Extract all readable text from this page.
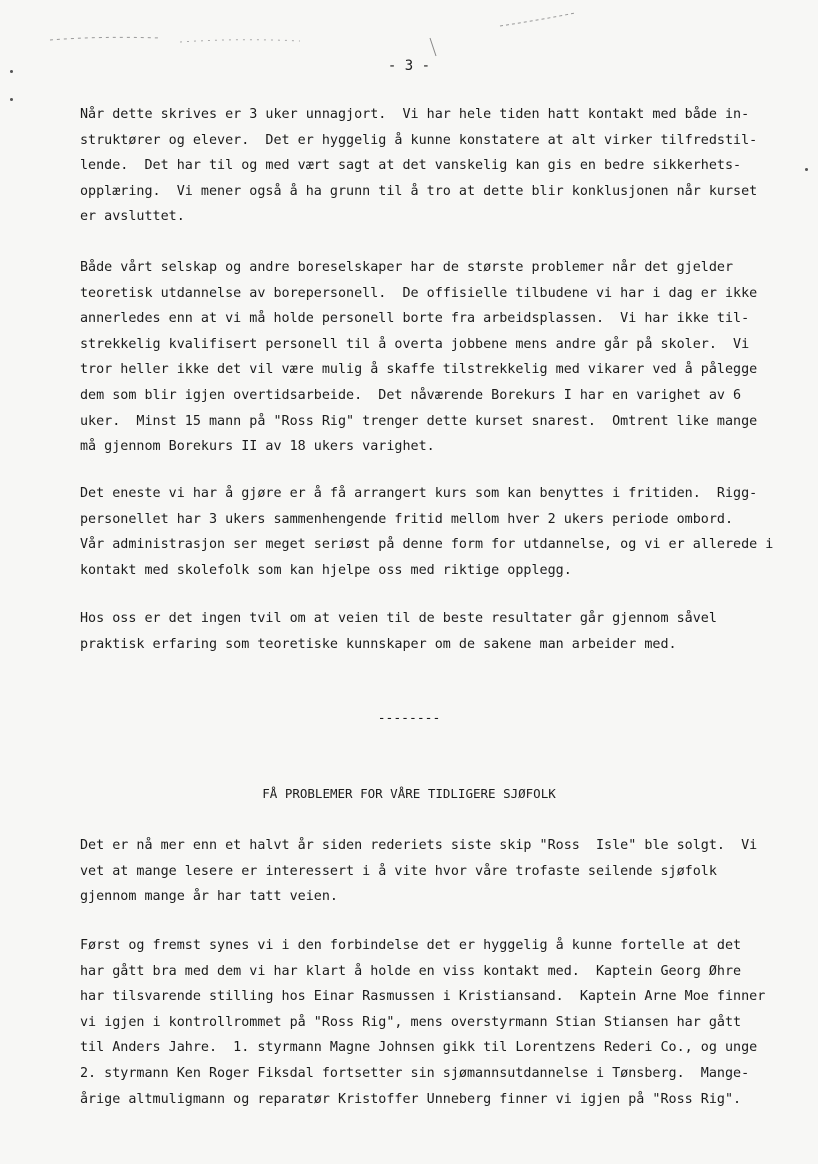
- 3 -
Når dette skrives er 3 uker unnagjort.  Vi har hele tiden hatt kontakt med både in-
struktører og elever.  Det er hyggelig å kunne konstatere at alt virker tilfredstil-
lende.  Det har til og med vært sagt at det vanskelig kan gis en bedre sikkerhets-
opplæring.  Vi mener også å ha grunn til å tro at dette blir konklusjonen når kurset
er avsluttet.
Både vårt selskap og andre boreselskaper har de største problemer når det gjelder
teoretisk utdannelse av borepersonell.  De offisielle tilbudene vi har i dag er ikke
annerledes enn at vi må holde personell borte fra arbeidsplassen.  Vi har ikke til-
strekkelig kvalifisert personell til å overta jobbene mens andre går på skoler.  Vi
tror heller ikke det vil være mulig å skaffe tilstrekkelig med vikarer ved å pålegge
dem som blir igjen overtidsarbeide.  Det nåværende Borekurs I har en varighet av 6
uker.  Minst 15 mann på "Ross Rig" trenger dette kurset snarest.  Omtrent like mange
må gjennom Borekurs II av 18 ukers varighet.
Det eneste vi har å gjøre er å få arrangert kurs som kan benyttes i fritiden.  Rigg-
personellet har 3 ukers sammenhengende fritid mellom hver 2 ukers periode ombord.
Vår administrasjon ser meget seriøst på denne form for utdannelse, og vi er allerede i
kontakt med skolefolk som kan hjelpe oss med riktige opplegg.
Hos oss er det ingen tvil om at veien til de beste resultater går gjennom såvel
praktisk erfaring som teoretiske kunnskaper om de sakene man arbeider med.
--------
FÅ PROBLEMER FOR VÅRE TIDLIGERE SJØFOLK
Det er nå mer enn et halvt år siden rederiets siste skip "Ross  Isle" ble solgt.  Vi
vet at mange lesere er interessert i å vite hvor våre trofaste seilende sjøfolk
gjennom mange år har tatt veien.
Først og fremst synes vi i den forbindelse det er hyggelig å kunne fortelle at det
har gått bra med dem vi har klart å holde en viss kontakt med.  Kaptein Georg Øhre
har tilsvarende stilling hos Einar Rasmussen i Kristiansand.  Kaptein Arne Moe finner
vi igjen i kontrollrommet på "Ross Rig", mens overstyrmann Stian Stiansen har gått
til Anders Jahre.  1. styrmann Magne Johnsen gikk til Lorentzens Rederi Co., og unge
2. styrmann Ken Roger Fiksdal fortsetter sin sjømannsutdannelse i Tønsberg.  Mange-
årige altmuligmann og reparatør Kristoffer Unneberg finner vi igjen på "Ross Rig".
